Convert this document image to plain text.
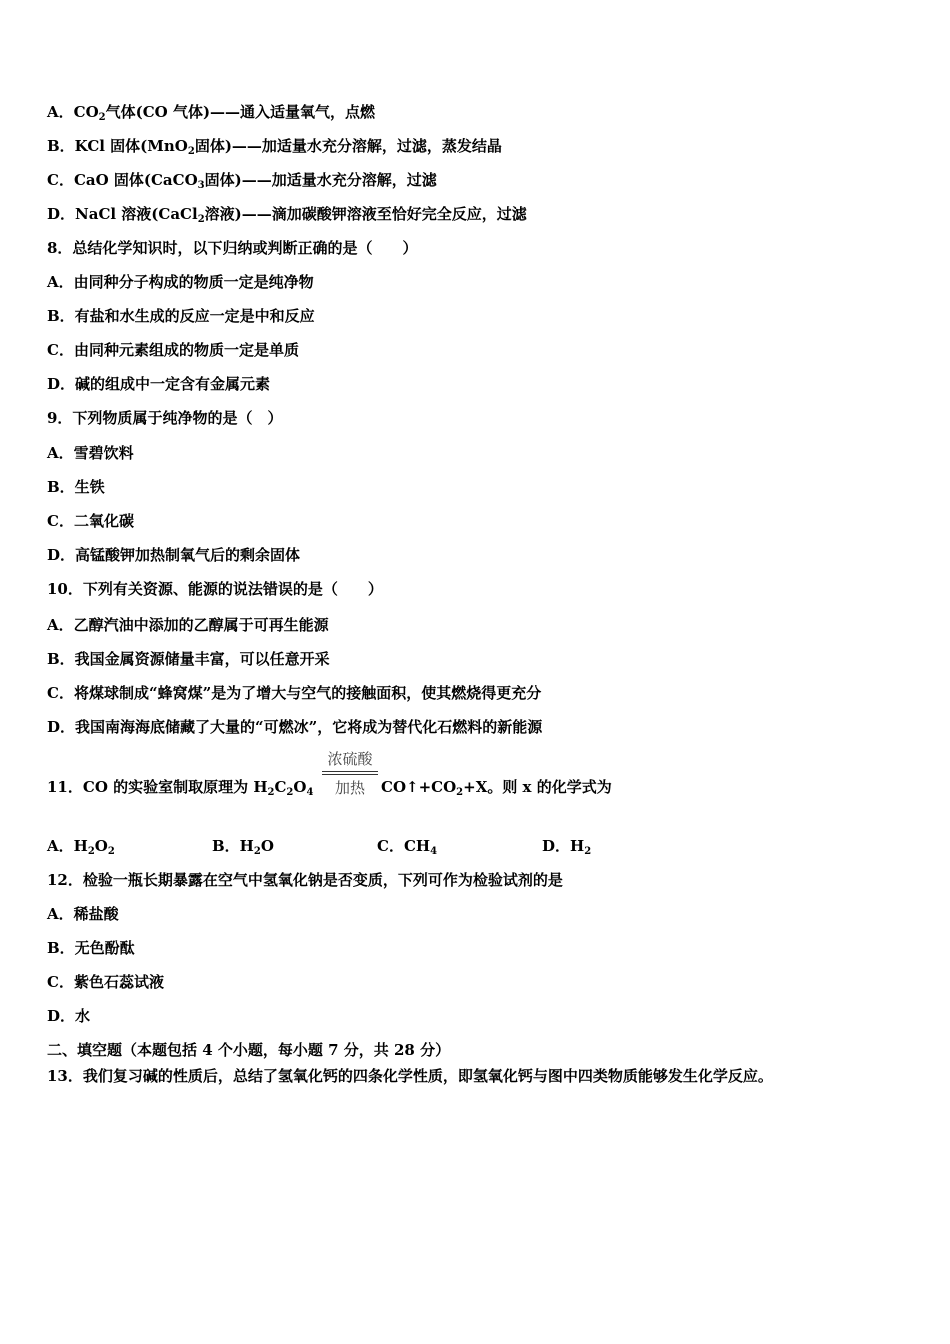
A．$CO_2$气体(CO 气体)——通入适量氧气，点燃
B．KCl 固体(MnO$_2$固体)——加适量水充分溶解，过滤，蒸发结晶
C．CaO 固体(CaCO$_3$固体)——加适量水充分溶解，过滤
D．NaCl 溶液(CaCl$_2$溶液)——滴加碳酸钾溶液至恰好完全反应，过滤
8．总结化学知识时，以下归纳或判断正确的是（　　）
A．由同种分子构成的物质一定是纯净物
B．有盐和水生成的反应一定是中和反应
C．由同种元素组成的物质一定是单质
D．碱的组成中一定含有金属元素
9．下列物质属于纯净物的是（　）
A．雪碧饮料
B．生铁
C．二氧化碳
D．高锰酸钾加热制氧气后的剩余固体
10．下列有关资源、能源的说法错误的是（　　）
A．乙醇汽油中添加的乙醇属于可再生能源
B．我国金属资源储量丰富，可以任意开采
C．将煤球制成“蜂窝煤”是为了增大与空气的接触面积，使其燃烧得更充分
D．我国南海海底储藏了大量的“可燃冰”，它将成为替代化石燃料的新能源
11．CO 的实验室制取原理为 $H_2C_2O_4$
浓硫酸
加热	$CO↑+CO_2+X$。则 x 的化学式为
A．$H_2O_2$	B．$H_2O$	C．$CH_4$	D．$H_2$
12．检验一瓶长期暴露在空气中氢氧化钠是否变质，下列可作为检验试剂的是
A．稀盐酸
B．无色酚酞
C．紫色石蕊试液
D．水
二、填空题（本题包括 4 个小题，每小题 7 分，共 28 分）
13．我们复习碱的性质后，总结了氢氧化钙的四条化学性质，即氢氧化钙与图中四类物质能够发生化学反应。
